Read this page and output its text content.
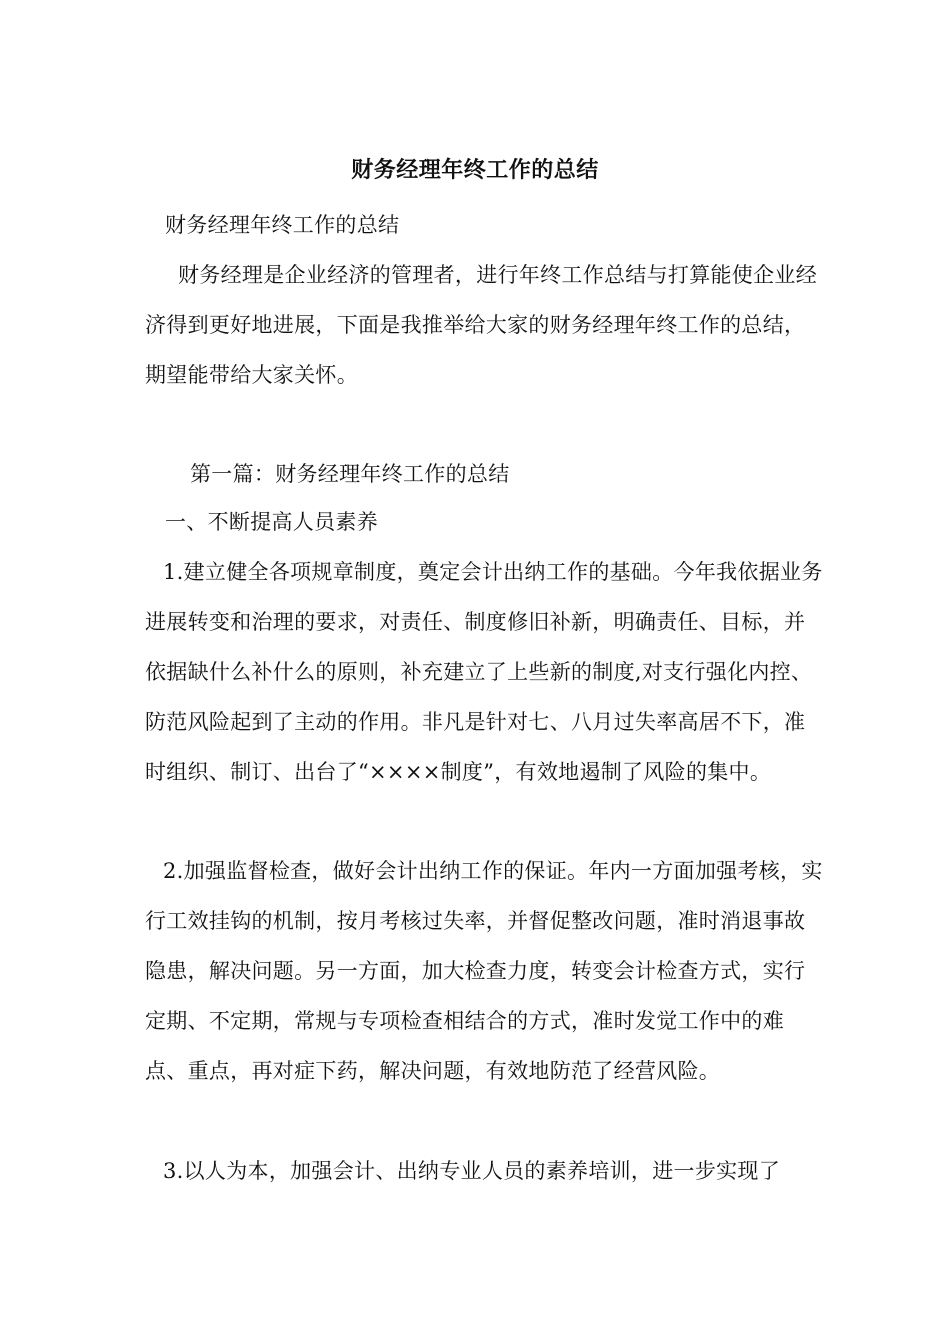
财务经理年终工作的总结
财务经理年终工作的总结
财务经理是企业经济的管理者，进行年终工作总结与打算能使企业经济得到更好地进展，下面是我推举给大家的财务经理年终工作的总结，期望能带给大家关怀。
第一篇：财务经理年终工作的总结
一、不断提高人员素养
1.建立健全各项规章制度，奠定会计出纳工作的基础。今年我依据业务进展转变和治理的要求，对责任、制度修旧补新，明确责任、目标，并依据缺什么补什么的原则，补充建立了上些新的制度,对支行强化内控、防范风险起到了主动的作用。非凡是针对七、八月过失率高居不下，准时组织、制订、出台了“××××制度”，有效地遏制了风险的集中。
2.加强监督检查，做好会计出纳工作的保证。年内一方面加强考核，实行工效挂钩的机制，按月考核过失率，并督促整改问题，准时消退事故隐患，解决问题。另一方面，加大检查力度，转变会计检查方式，实行定期、不定期，常规与专项检查相结合的方式，准时发觉工作中的难点、重点，再对症下药，解决问题，有效地防范了经营风险。
3.以人为本，加强会计、出纳专业人员的素养培训，进一步实现了
